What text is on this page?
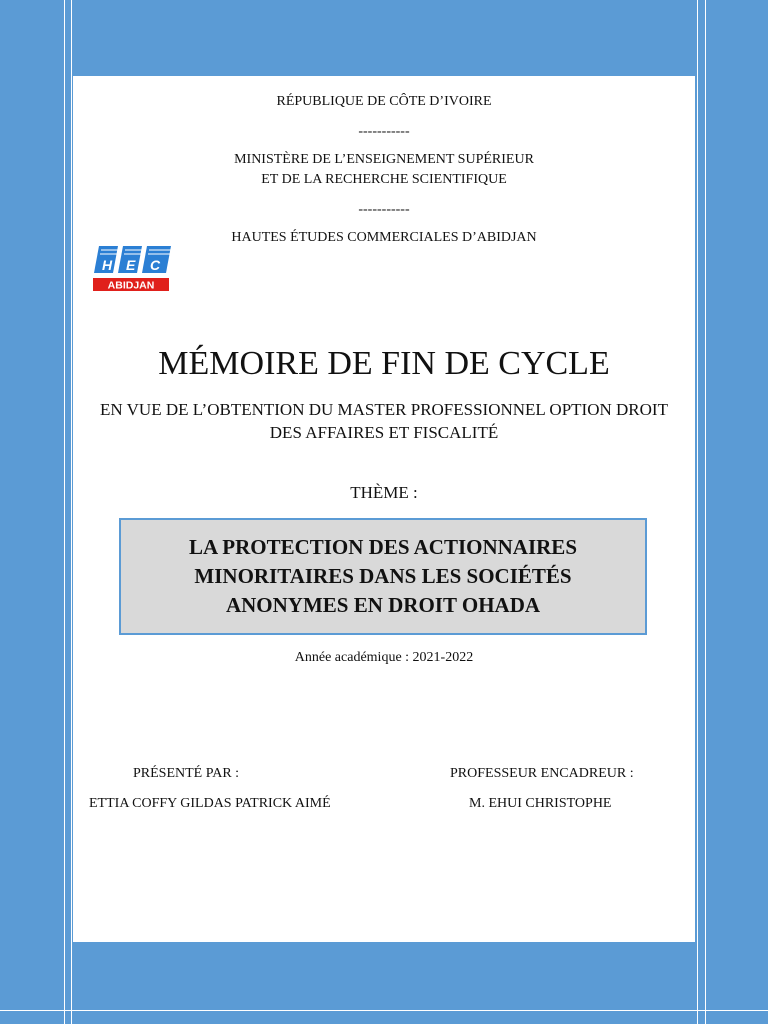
RÉPUBLIQUE DE CÔTE D’IVOIRE
-----------
MINISTÈRE DE L’ENSEIGNEMENT SUPÉRIEUR
ET DE LA RECHERCHE SCIENTIFIQUE
-----------
HAUTES ÉTUDES COMMERCIALES D’ABIDJAN
H E C
ABIDJAN
MÉMOIRE DE FIN DE CYCLE
EN VUE DE L’OBTENTION DU MASTER PROFESSIONNEL OPTION DROIT
DES AFFAIRES ET FISCALITÉ
THÈME :
LA PROTECTION DES ACTIONNAIRES
MINORITAIRES DANS LES SOCIÉTÉS
ANONYMES EN DROIT OHADA
Année académique : 2021-2022
PRÉSENTÉ PAR :
ETTIA COFFY GILDAS PATRICK AIMÉ
PROFESSEUR ENCADREUR :
M. EHUI CHRISTOPHE
